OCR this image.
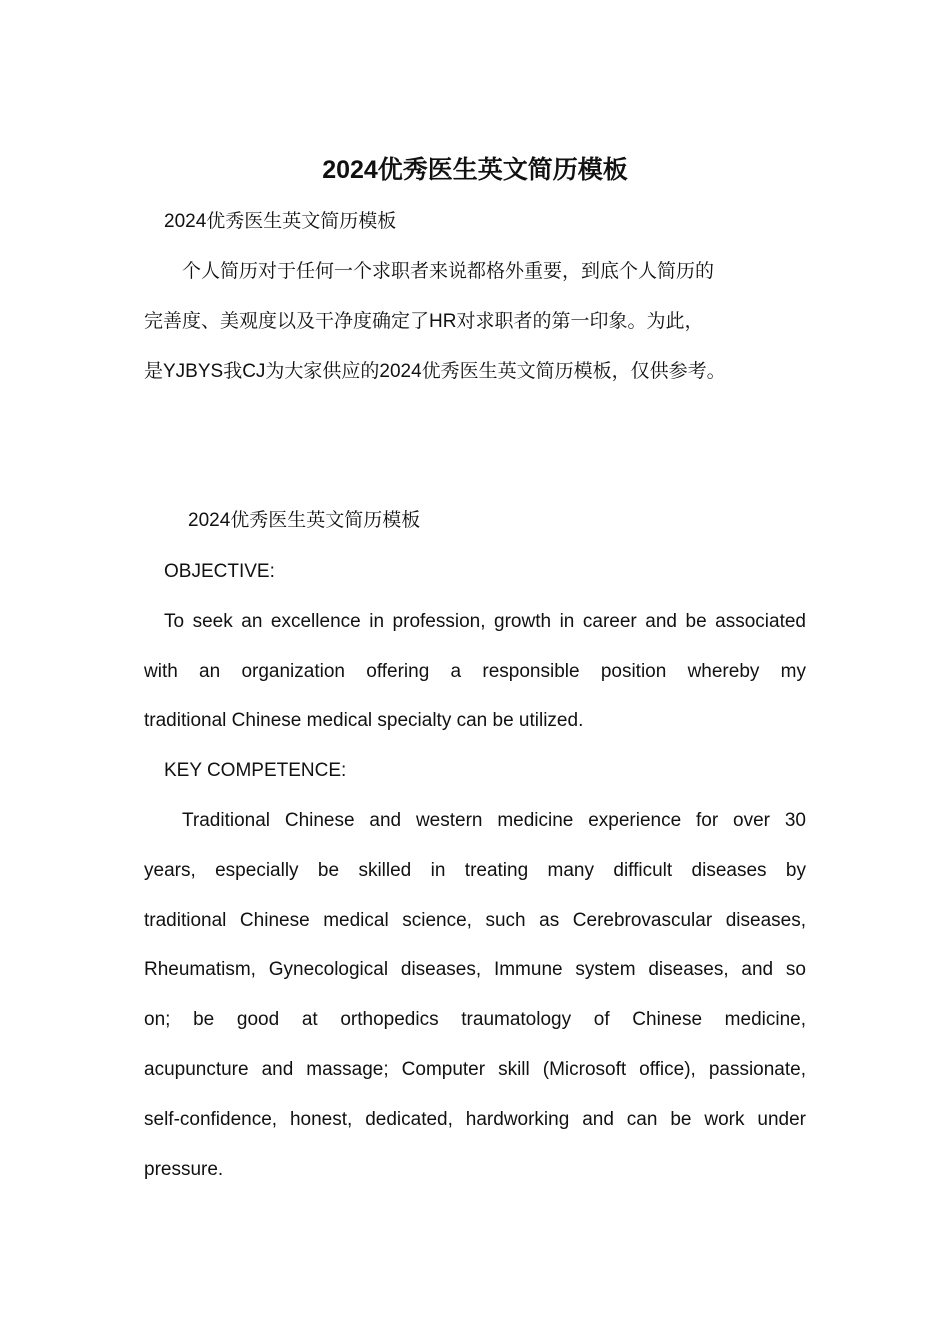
2024优秀医生英文简历模板
2024优秀医生英文简历模板
个人简历对于任何一个求职者来说都格外重要，到底个人简历的
完善度、美观度以及干净度确定了HR对求职者的第一印象。为此，
是YJBYS我CJ为大家供应的2024优秀医生英文简历模板，仅供参考。
2024优秀医生英文简历模板
OBJECTIVE:
To seek an excellence in profession, growth in career and be associated
with an organization offering a responsible position whereby my
traditional Chinese medical specialty can be utilized.
KEY COMPETENCE:
Traditional Chinese and western medicine experience for over 30
years, especially be skilled in treating many difficult diseases by
traditional Chinese medical science, such as Cerebrovascular diseases,
Rheumatism, Gynecological diseases, Immune system diseases, and so
on; be good at orthopedics traumatology of Chinese medicine,
acupuncture and massage; Computer skill (Microsoft office), passionate,
self-confidence, honest, dedicated, hardworking and can be work under
pressure.
